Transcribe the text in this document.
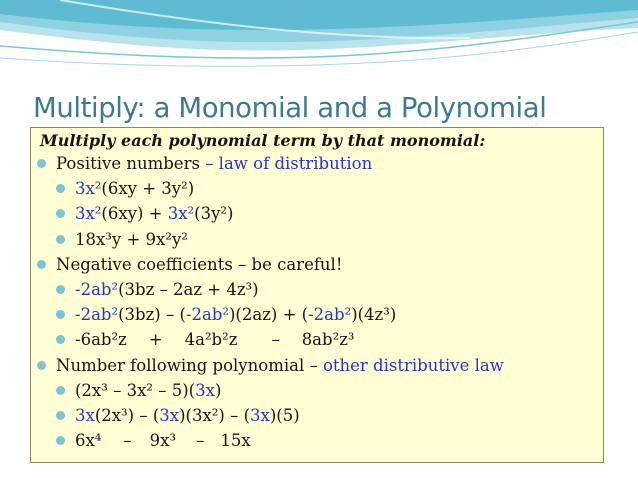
Multiply: a Monomial and a Polynomial
Multiply each polynomial term by that monomial:
Positive numbers – law of distribution
3x²(6xy + 3y²)
3x²(6xy) + 3x²(3y²)
18x³y + 9x²y²
Negative coefficients – be careful!
-2ab²(3bz – 2az + 4z³)
-2ab²(3bz) – (-2ab²)(2az) + (-2ab²)(4z³)
-6ab²z + 4a²b²z – 8ab²z³
Number following polynomial – other distributive law
(2x³ – 3x² – 5)(3x)
3x(2x³) – (3x)(3x²) – (3x)(5)
6x⁴ – 9x³ – 15x
